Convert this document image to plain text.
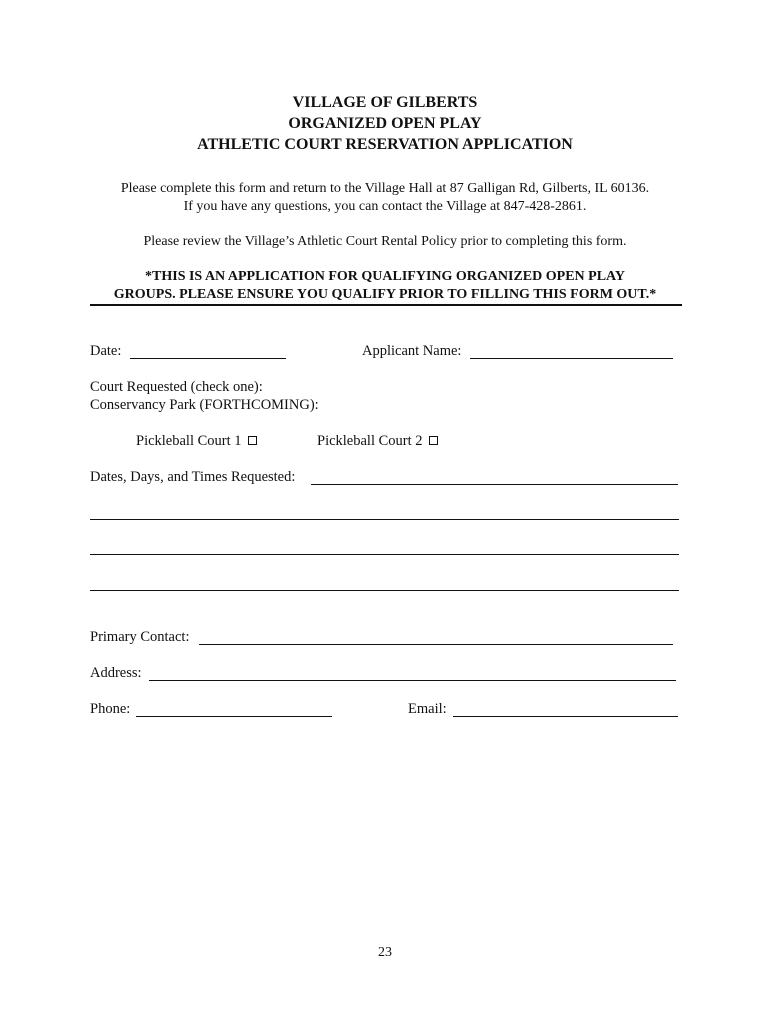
VILLAGE OF GILBERTS
ORGANIZED OPEN PLAY
ATHLETIC COURT RESERVATION APPLICATION
Please complete this form and return to the Village Hall at 87 Galligan Rd, Gilberts, IL 60136.
If you have any questions, you can contact the Village at 847-428-2861.
Please review the Village’s Athletic Court Rental Policy prior to completing this form.
*THIS IS AN APPLICATION FOR QUALIFYING ORGANIZED OPEN PLAY
GROUPS. PLEASE ENSURE YOU QUALIFY PRIOR TO FILLING THIS FORM OUT.*
Date:	Applicant Name:
Court Requested (check one):
Conservancy Park (FORTHCOMING):
Pickleball Court 1	Pickleball Court 2
Dates, Days, and Times Requested:
Primary Contact:
Address:
Phone:	Email:
23
